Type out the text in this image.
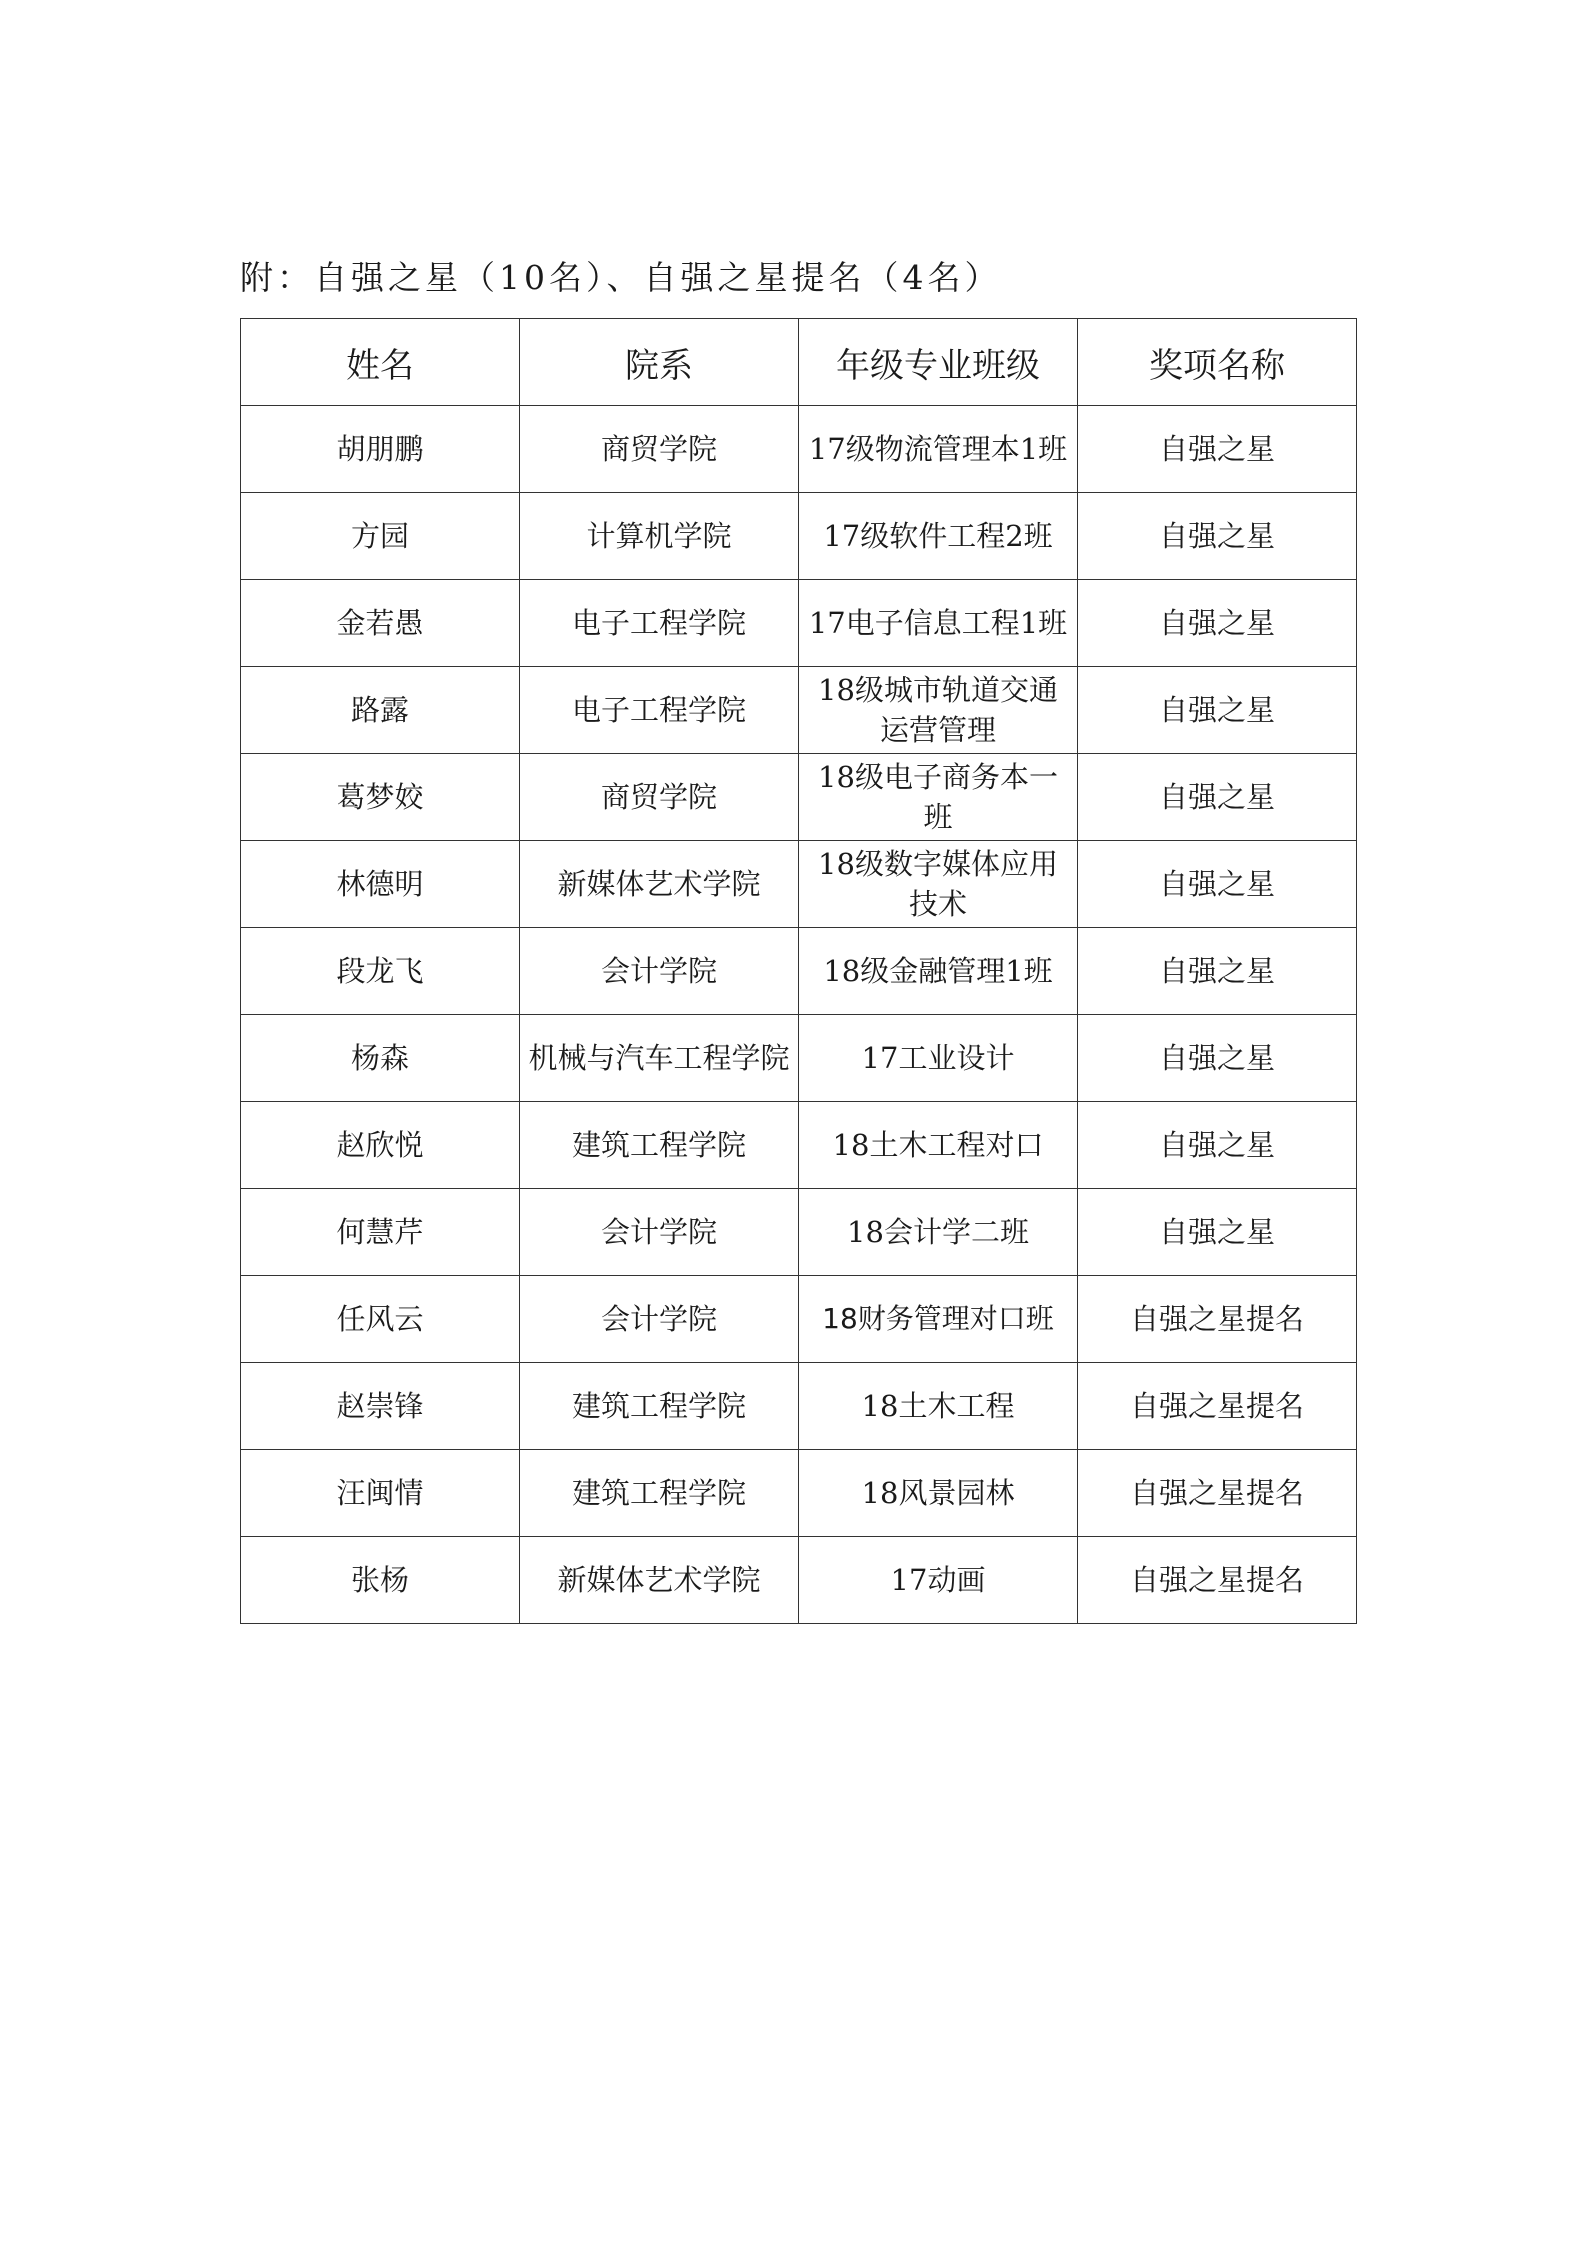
附：自强之星（10名）、自强之星提名（4名）
姓名	院系	年级专业班级	奖项名称
胡朋鹏	商贸学院	17级物流管理本1班	自强之星
方园	计算机学院	17级软件工程2班	自强之星
金若愚	电子工程学院	17电子信息工程1班	自强之星
路露	电子工程学院	18级城市轨道交通运营管理	自强之星
葛梦姣	商贸学院	18级电子商务本一班	自强之星
林德明	新媒体艺术学院	18级数字媒体应用技术	自强之星
段龙飞	会计学院	18级金融管理1班	自强之星
杨森	机械与汽车工程学院	17工业设计	自强之星
赵欣悦	建筑工程学院	18土木工程对口	自强之星
何慧芹	会计学院	18会计学二班	自强之星
任风云	会计学院	18财务管理对口班	自强之星提名
赵崇锋	建筑工程学院	18土木工程	自强之星提名
汪闽情	建筑工程学院	18风景园林	自强之星提名
张杨	新媒体艺术学院	17动画	自强之星提名
